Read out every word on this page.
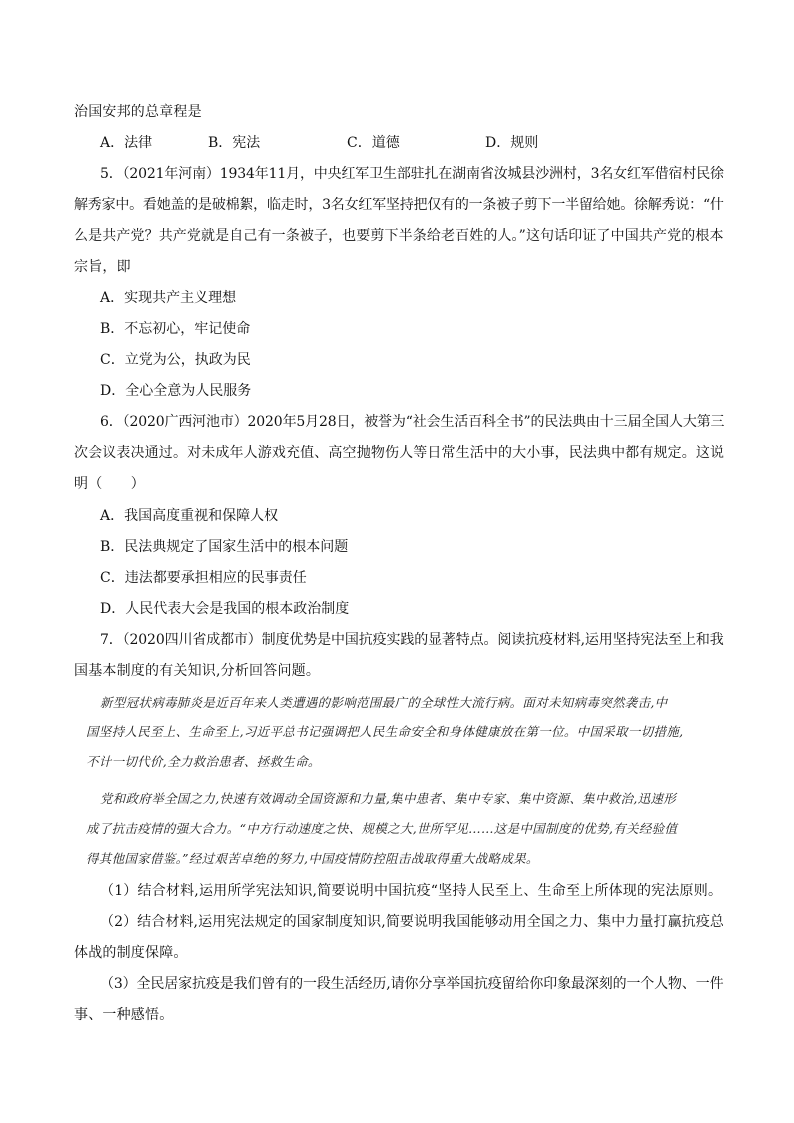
治国安邦的总章程是
A．法律	B．宪法	C．道德	D．规则
5．（2021年河南）1934年11月，中央红军卫生部驻扎在湖南省汝城县沙洲村，3名女红军借宿村民徐
解秀家中。看她盖的是破棉絮，临走时，3名女红军坚持把仅有的一条被子剪下一半留给她。徐解秀说：“什
么是共产党？共产党就是自己有一条被子，也要剪下半条给老百姓的人。”这句话印证了中国共产党的根本
宗旨，即
A．实现共产主义理想
B．不忘初心，牢记使命
C．立党为公，执政为民
D．全心全意为人民服务
6．（2020广西河池市）2020年5月28日，被誉为“社会生活百科全书”的民法典由十三届全国人大第三
次会议表决通过。对未成年人游戏充值、高空抛物伤人等日常生活中的大小事，民法典中都有规定。这说
明（　　）
A．我国高度重视和保障人权
B．民法典规定了国家生活中的根本问题
C．违法都要承担相应的民事责任
D．人民代表大会是我国的根本政治制度
7．（2020四川省成都市）制度优势是中国抗疫实践的显著特点。阅读抗疫材料,运用坚持宪法至上和我
国基本制度的有关知识,分析回答问题。
新型冠状病毒肺炎是近百年来人类遭遇的影响范围最广的全球性大流行病。面对未知病毒突然袭击,中
国坚持人民至上、生命至上,习近平总书记强调把人民生命安全和身体健康放在第一位。中国采取一切措施,
不计一切代价,全力救治患者、拯救生命。
党和政府举全国之力,快速有效调动全国资源和力量,集中患者、集中专家、集中资源、集中救治,迅速形
成了抗击疫情的强大合力。“中方行动速度之快、规模之大,世所罕见……这是中国制度的优势,有关经验值
得其他国家借鉴。”经过艰苦卓绝的努力,中国疫情防控阻击战取得重大战略成果。
（1）结合材料,运用所学宪法知识,简要说明中国抗疫“坚持人民至上、生命至上所体现的宪法原则。
（2）结合材料,运用宪法规定的国家制度知识,简要说明我国能够动用全国之力、集中力量打赢抗疫总
体战的制度保障。
（3）全民居家抗疫是我们曾有的一段生活经历,请你分享举国抗疫留给你印象最深刻的一个人物、一件
事、一种感悟。
